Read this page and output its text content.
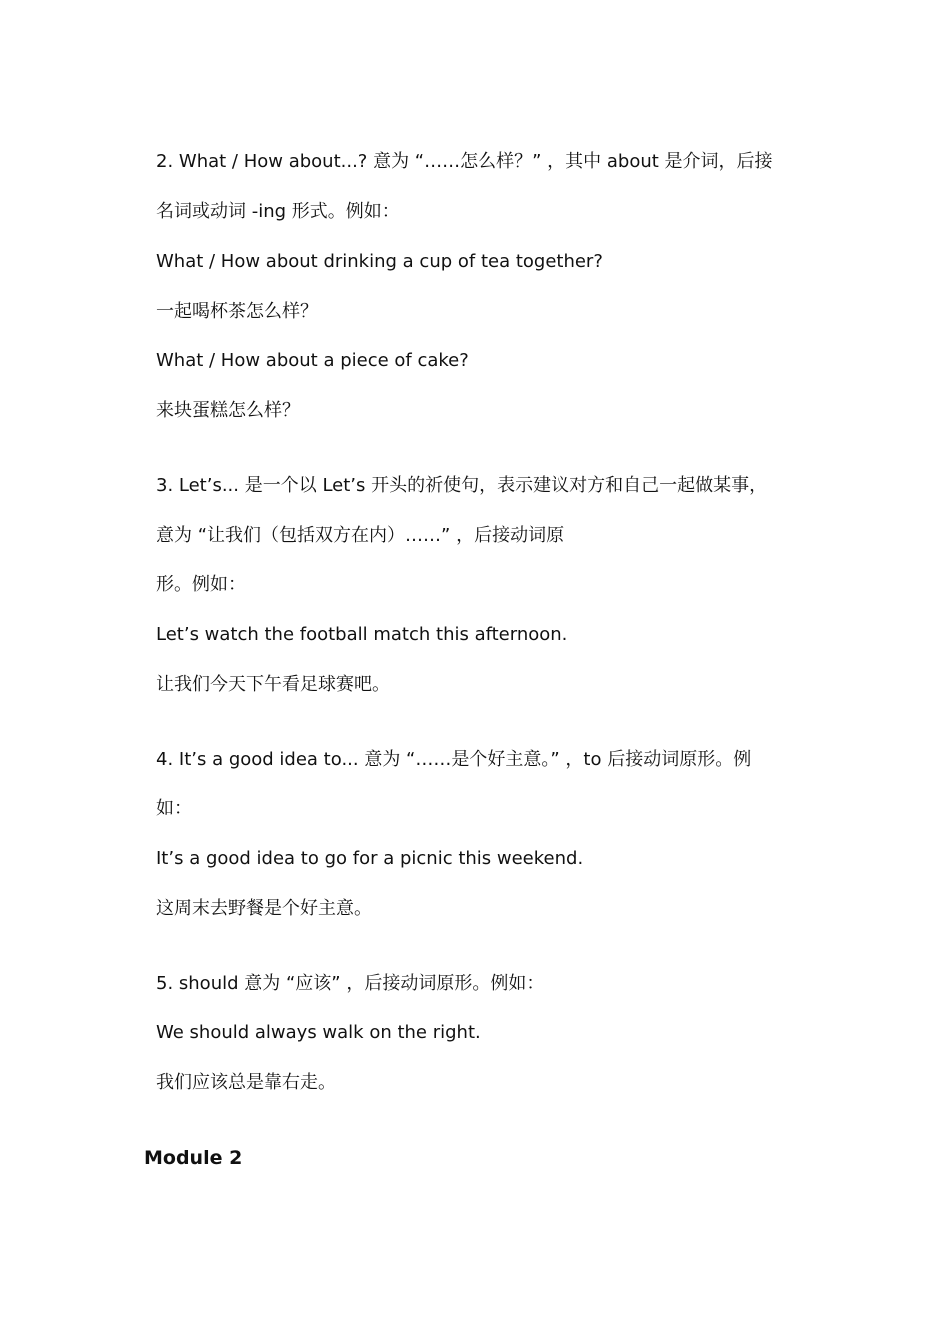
2. What / How about...? 意为 “……怎么样？” ，其中 about 是介词，后接
名词或动词 -ing 形式。例如：
What / How about drinking a cup of tea together?
一起喝杯茶怎么样？
What / How about a piece of cake?
来块蛋糕怎么样？
3. Let’s... 是一个以 Let’s 开头的祈使句，表示建议对方和自己一起做某事，
意为 “让我们（包括双方在内）……” ，后接动词原
形。例如：
Let’s watch the football match this afternoon.
让我们今天下午看足球赛吧。
4. It’s a good idea to... 意为 “……是个好主意。” ，to 后接动词原形。例
如：
It’s a good idea to go for a picnic this weekend.
这周末去野餐是个好主意。
5. should 意为 “应该” ，后接动词原形。例如：
We should always walk on the right.
我们应该总是靠右走。
Module 2
